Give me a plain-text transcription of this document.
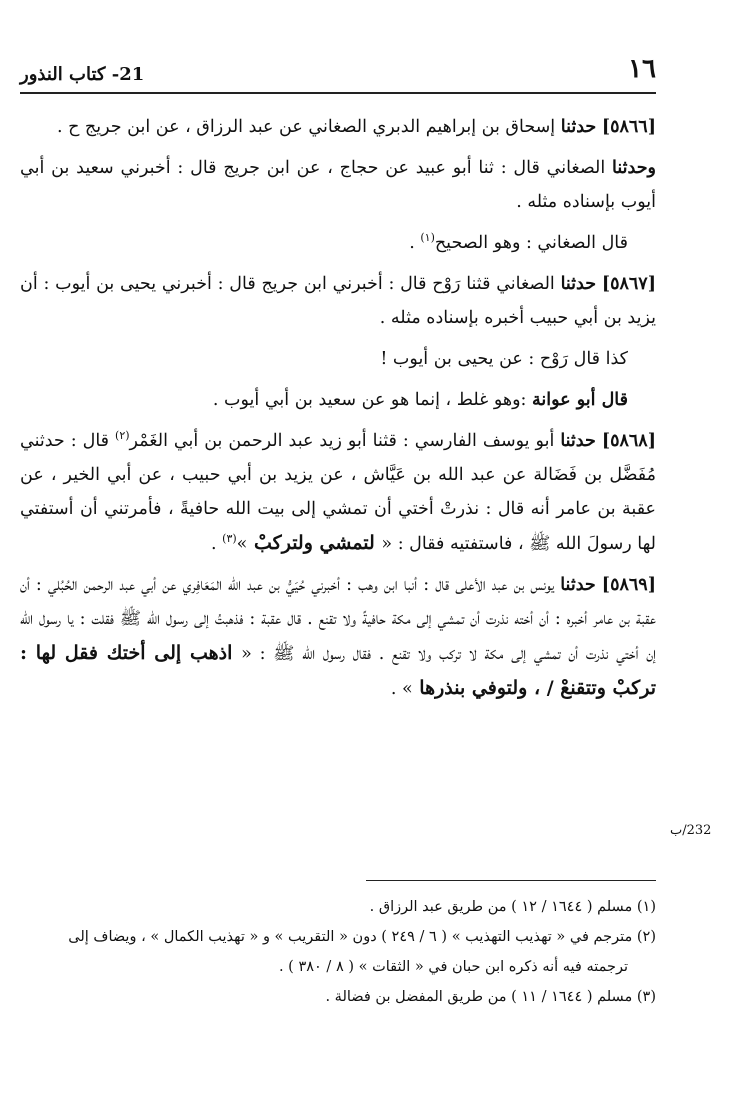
١٦
21- كتاب النذور

[٥٨٦٦] حدثنا إسحاق بن إبراهيم الدبري الصغاني عن عبد الرزاق ، عن ابن جريج ح .

وحدثنا الصغاني قال : ثنا أبو عبيد عن حجاج ، عن ابن جريج قال : أخبرني سعيد بن أبي أيوب بإسناده مثله .

قال الصغاني : وهو الصحيح$^{(١)}$ .

[٥٨٦٧] حدثنا الصغاني قثنا رَوْح قال : أخبرني ابن جريج قال : أخبرني يحيى بن أيوب : أن يزيد بن أبي حبيب أخبره بإسناده مثله .

كذا قال رَوْح : عن يحيى بن أيوب !

قال أبو عوانة :وهو غلط ، إنما هو عن سعيد بن أبي أيوب .

[٥٨٦٨] حدثنا أبو يوسف الفارسي : قثنا أبو زيد عبد الرحمن بن أبي الغَمْر$^{(٢)}$ قال : حدثني مُفَضَّل بن فَضَالة عن عبد الله بن عَيَّاش ، عن يزيد بن أبي حبيب ، عن أبي الخير ، عن عقبة بن عامر أنه قال : نذرتْ أختي أن تمشي إلى بيت الله حافيةً ، فأمرتني أن أستفتي لها رسولَ الله ﷺ ، فاستفتيه فقال : « لتمشي ولتركبْ »$^{(٣)}$ .

[٥٨٦٩] حدثنا يونس بن عبد الأعلى قال : أنبا ابن وهب : أخبرني حُيَيُّ بن عبد الله المَعَافِري عن أبي عبد الرحمن الحُبُلي : أن عقبة بن عامر أخبره : أن أخته نذرت أن تمشي إلى مكة حافيةً ولا تقنع . قال عقبة : فذهبتُ إلى رسول الله ﷺ فقلت : يا رسول الله إن أختي نذرت أن تمشي إلى مكة لا تركب ولا تقنع . فقال رسول الله ﷺ : « اذهب إلى أختك فقل لها : تركبْ وتتقنعْ / ، ولتوفي بنذرها » .

232/ب

(١) مسلم ( ١٦٤٤ / ١٢ ) من طريق عبد الرزاق .

(٢) مترجم في « تهذيب التهذيب » ( ٦ / ٢٤٩ ) دون « التقريب » و « تهذيب الكمال » ، ويضاف إلى

ترجمته فيه أنه ذكره ابن حبان في « الثقات » ( ٨ / ٣٨٠ ) .

(٣) مسلم ( ١٦٤٤ / ١١ ) من طريق المفضل بن فضالة .
